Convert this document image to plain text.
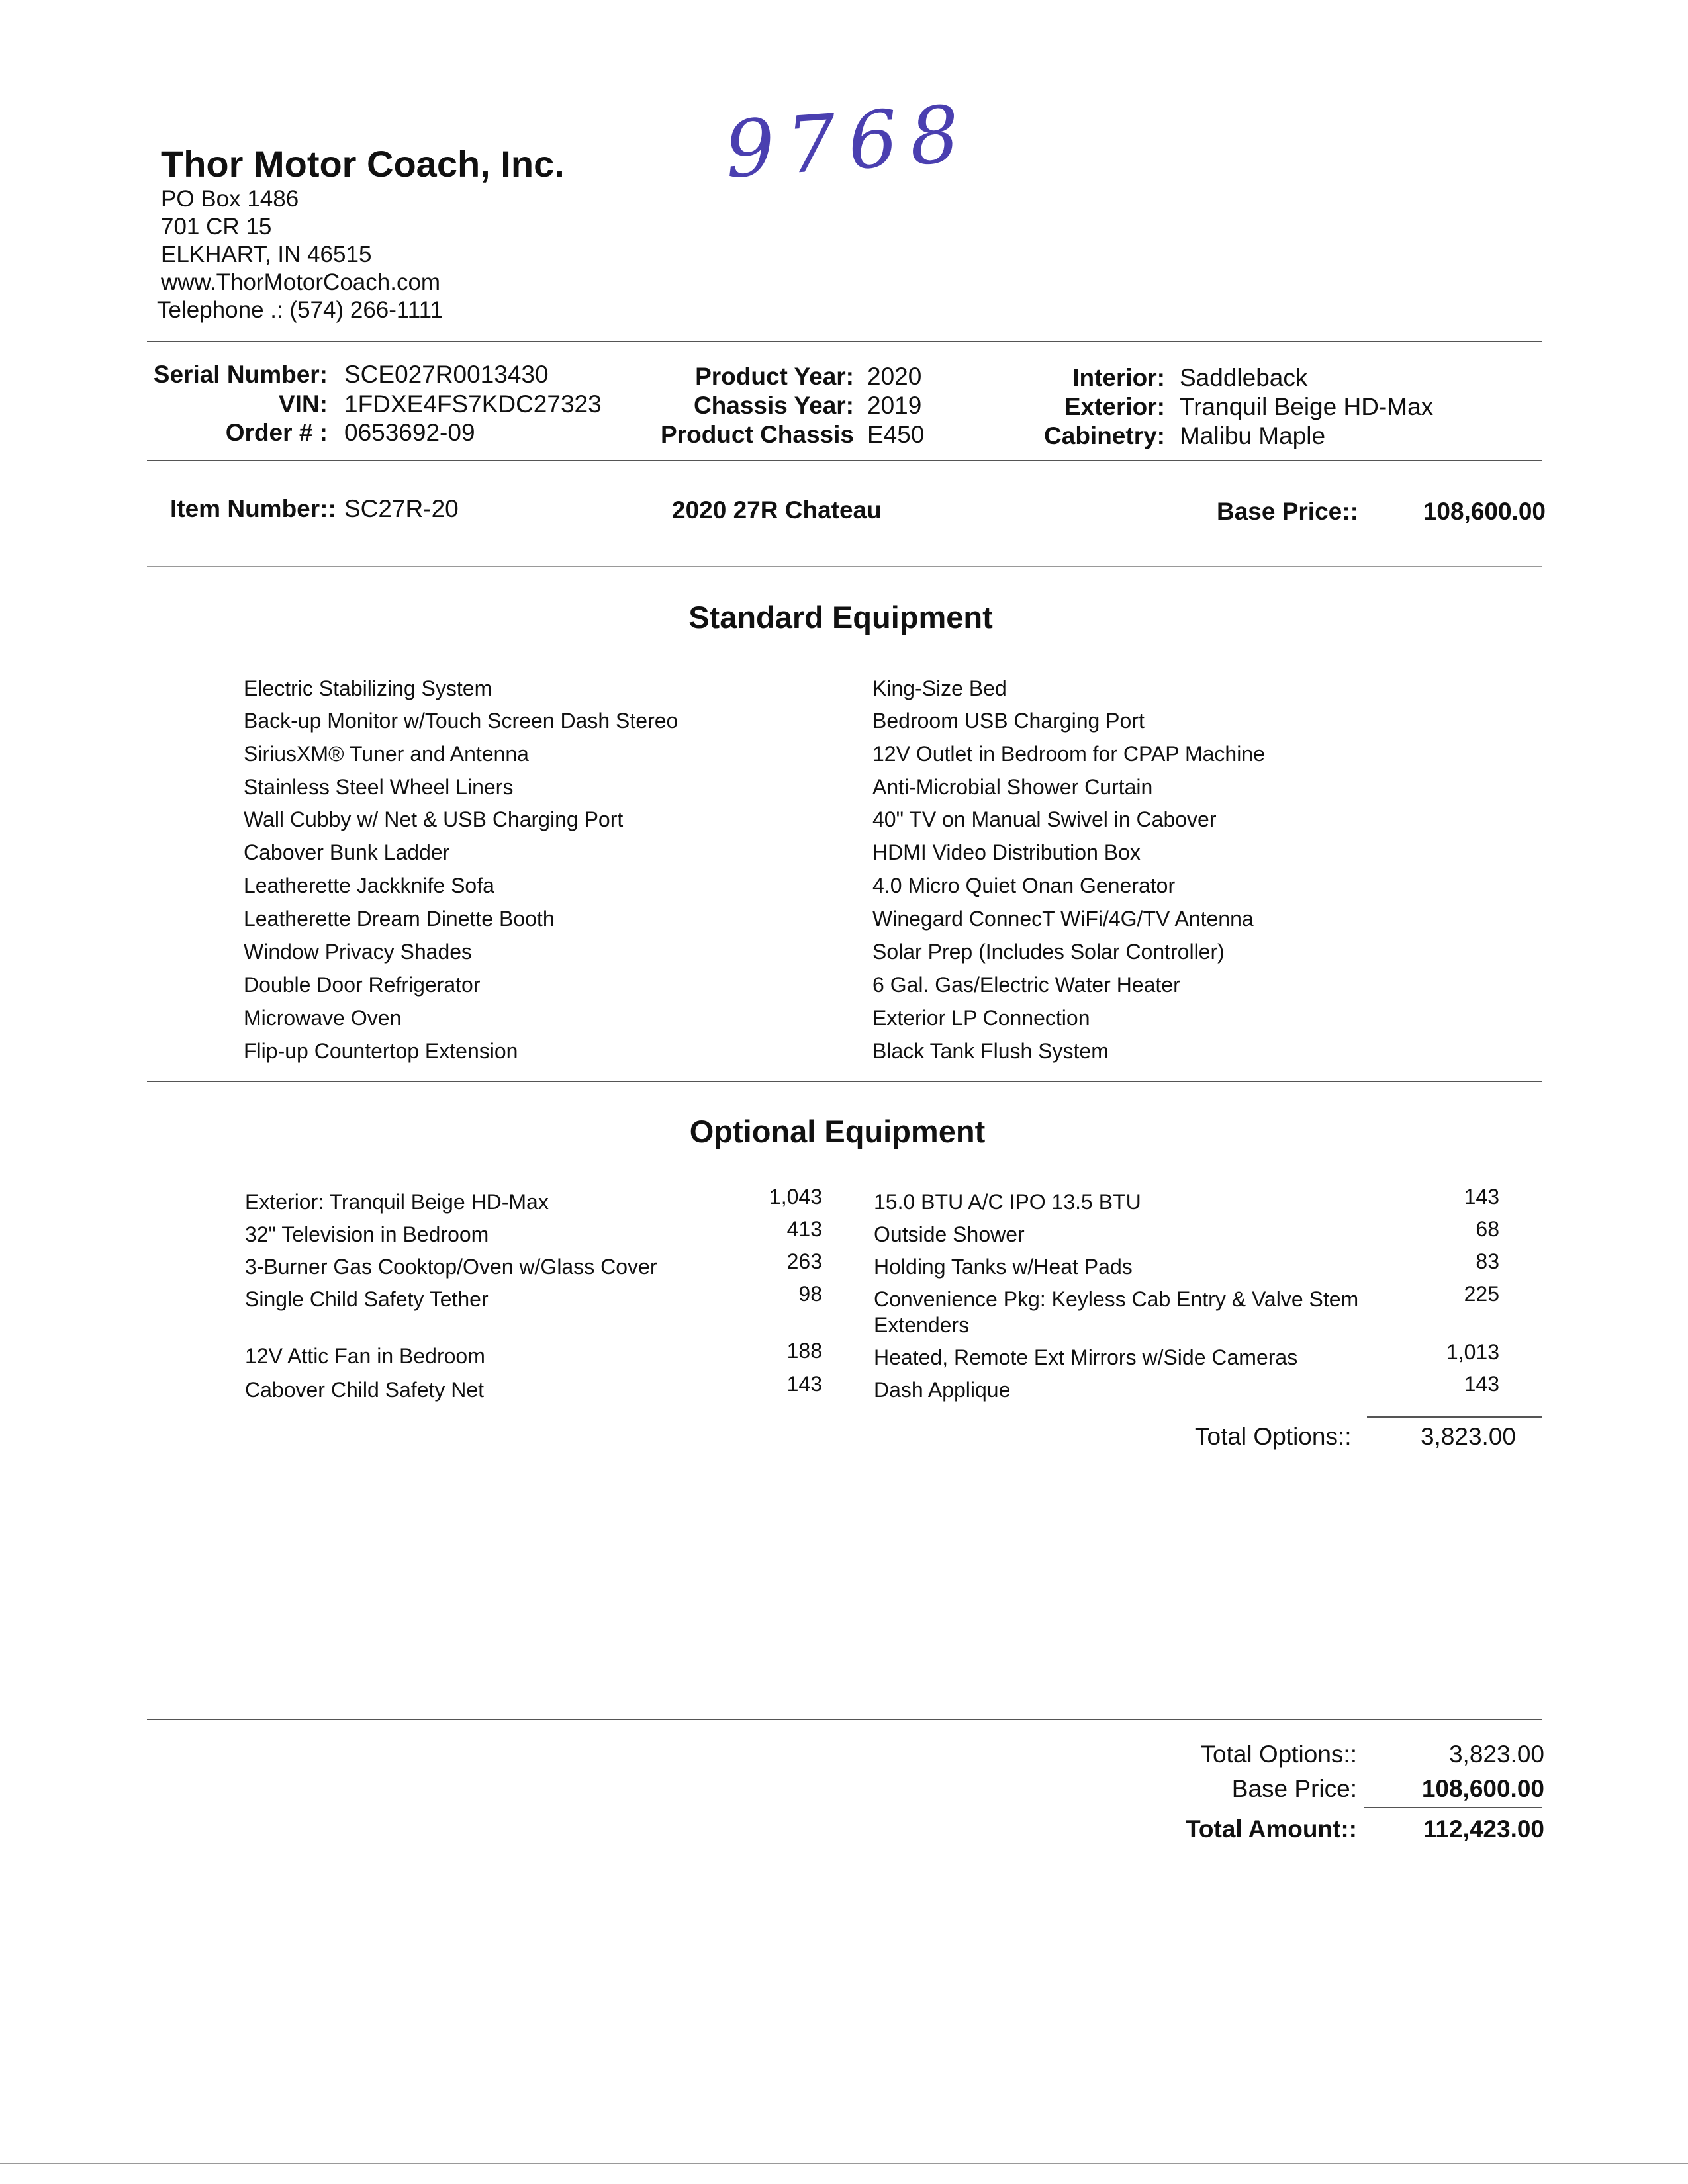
Thor Motor Coach, Inc.
PO Box 1486
701 CR 15
ELKHART, IN 46515
www.ThorMotorCoach.com
Telephone .: (574) 266-1111
9768
Serial Number: SCE027R0013430
VIN: 1FDXE4FS7KDC27323
Order # : 0653692-09
Product Year: 2020
Chassis Year: 2019
Product Chassis E450
Interior: Saddleback
Exterior: Tranquil Beige HD-Max
Cabinetry: Malibu Maple
Item Number:: SC27R-20	2020 27R Chateau	Base Price::	108,600.00
Standard Equipment
Electric Stabilizing System
Back-up Monitor w/Touch Screen Dash Stereo
SiriusXM® Tuner and Antenna
Stainless Steel Wheel Liners
Wall Cubby w/ Net & USB Charging Port
Cabover Bunk Ladder
Leatherette Jackknife Sofa
Leatherette Dream Dinette Booth
Window Privacy Shades
Double Door Refrigerator
Microwave Oven
Flip-up Countertop Extension
King-Size Bed
Bedroom USB Charging Port
12V Outlet in Bedroom for CPAP Machine
Anti-Microbial Shower Curtain
40" TV on Manual Swivel in Cabover
HDMI Video Distribution Box
4.0 Micro Quiet Onan Generator
Winegard ConnecT WiFi/4G/TV Antenna
Solar Prep (Includes Solar Controller)
6 Gal. Gas/Electric Water Heater
Exterior LP Connection
Black Tank Flush System
Optional Equipment
Exterior: Tranquil Beige HD-Max	1,043
32" Television in Bedroom	413
3-Burner Gas Cooktop/Oven w/Glass Cover	263
Single Child Safety Tether	98
12V Attic Fan in Bedroom	188
Cabover Child Safety Net	143
15.0 BTU A/C IPO 13.5 BTU	143
Outside Shower	68
Holding Tanks w/Heat Pads	83
Convenience Pkg: Keyless Cab Entry & Valve Stem
Extenders
225
Heated, Remote Ext Mirrors w/Side Cameras	1,013
Dash Applique	143
Total Options::	3,823.00
Total Options::	3,823.00
Base Price:	108,600.00
Total Amount::	112,423.00
